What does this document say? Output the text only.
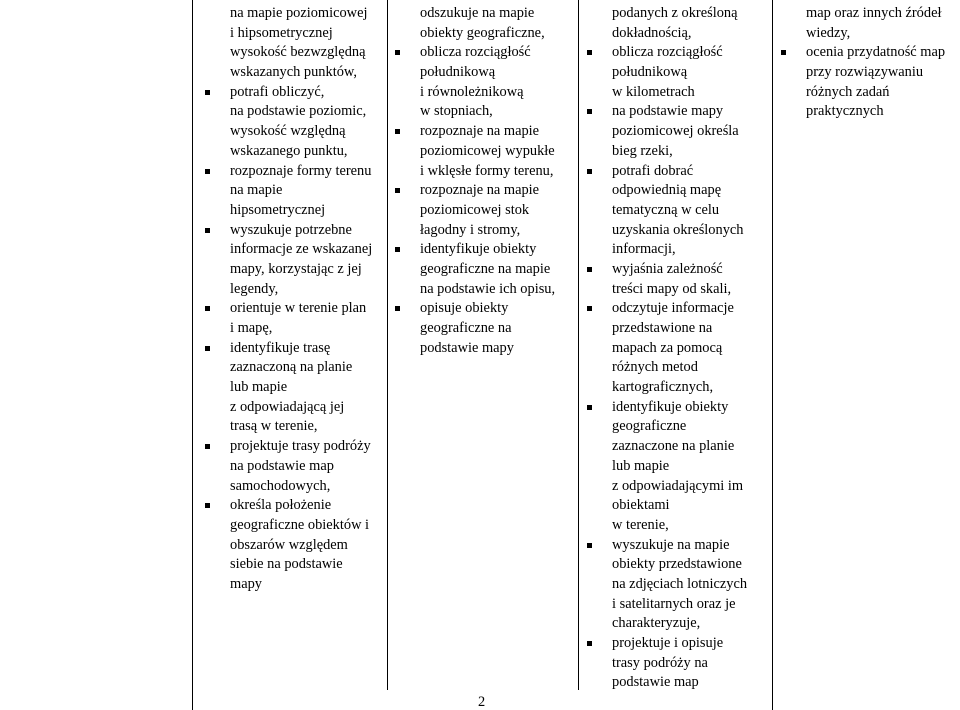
na mapie poziomicowej
i hipsometrycznej
wysokość bezwzględną
wskazanych punktów,
potrafi obliczyć,
na podstawie poziomic,
wysokość względną
wskazanego punktu,
rozpoznaje formy terenu
na mapie
hipsometrycznej
wyszukuje potrzebne
informacje ze wskazanej
mapy, korzystając z jej
legendy,
orientuje w terenie plan
i mapę,
identyfikuje trasę
zaznaczoną na planie
lub mapie
z odpowiadającą jej
trasą w terenie,
projektuje trasy podróży
na podstawie map
samochodowych,
określa położenie
geograficzne obiektów i
obszarów względem
siebie na podstawie
mapy
odszukuje na mapie
obiekty geograficzne,
oblicza rozciągłość
południkową
i równoleżnikową
w stopniach,
rozpoznaje na mapie
poziomicowej wypukłe
i wklęsłe formy terenu,
rozpoznaje na mapie
poziomicowej stok
łagodny i stromy,
identyfikuje obiekty
geograficzne na mapie
na podstawie ich opisu,
opisuje obiekty
geograficzne na
podstawie mapy
podanych z określoną
dokładnością,
oblicza rozciągłość
południkową
w kilometrach
na podstawie mapy
poziomicowej określa
bieg rzeki,
potrafi dobrać
odpowiednią mapę
tematyczną w celu
uzyskania określonych
informacji,
wyjaśnia zależność
treści mapy od skali,
odczytuje informacje
przedstawione na
mapach za pomocą
różnych metod
kartograficznych,
identyfikuje obiekty
geograficzne
zaznaczone na planie
lub mapie
z odpowiadającymi im
obiektami
w terenie,
wyszukuje na mapie
obiekty przedstawione
na zdjęciach lotniczych
i satelitarnych oraz je
charakteryzuje,
projektuje i opisuje
trasy podróży na
podstawie map
map oraz innych źródeł
wiedzy,
ocenia przydatność map
przy rozwiązywaniu
różnych zadań
praktycznych
2
